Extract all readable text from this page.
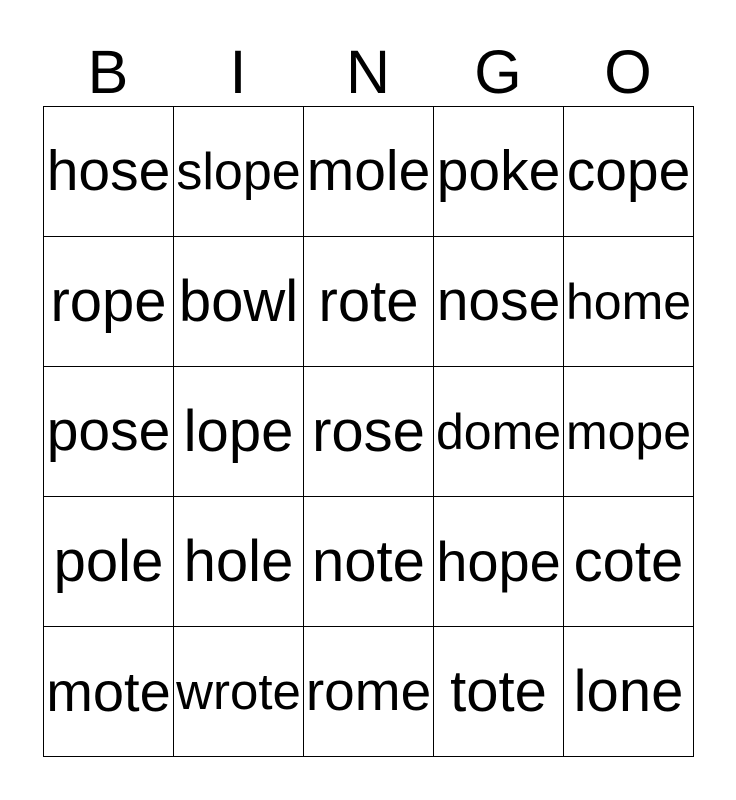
B	I	N	G	O
hose slope mole poke cope
rope bowl rote nose home
pose lope rose dome mope
pole hole note hope cote
mote wrote rome tote lone
